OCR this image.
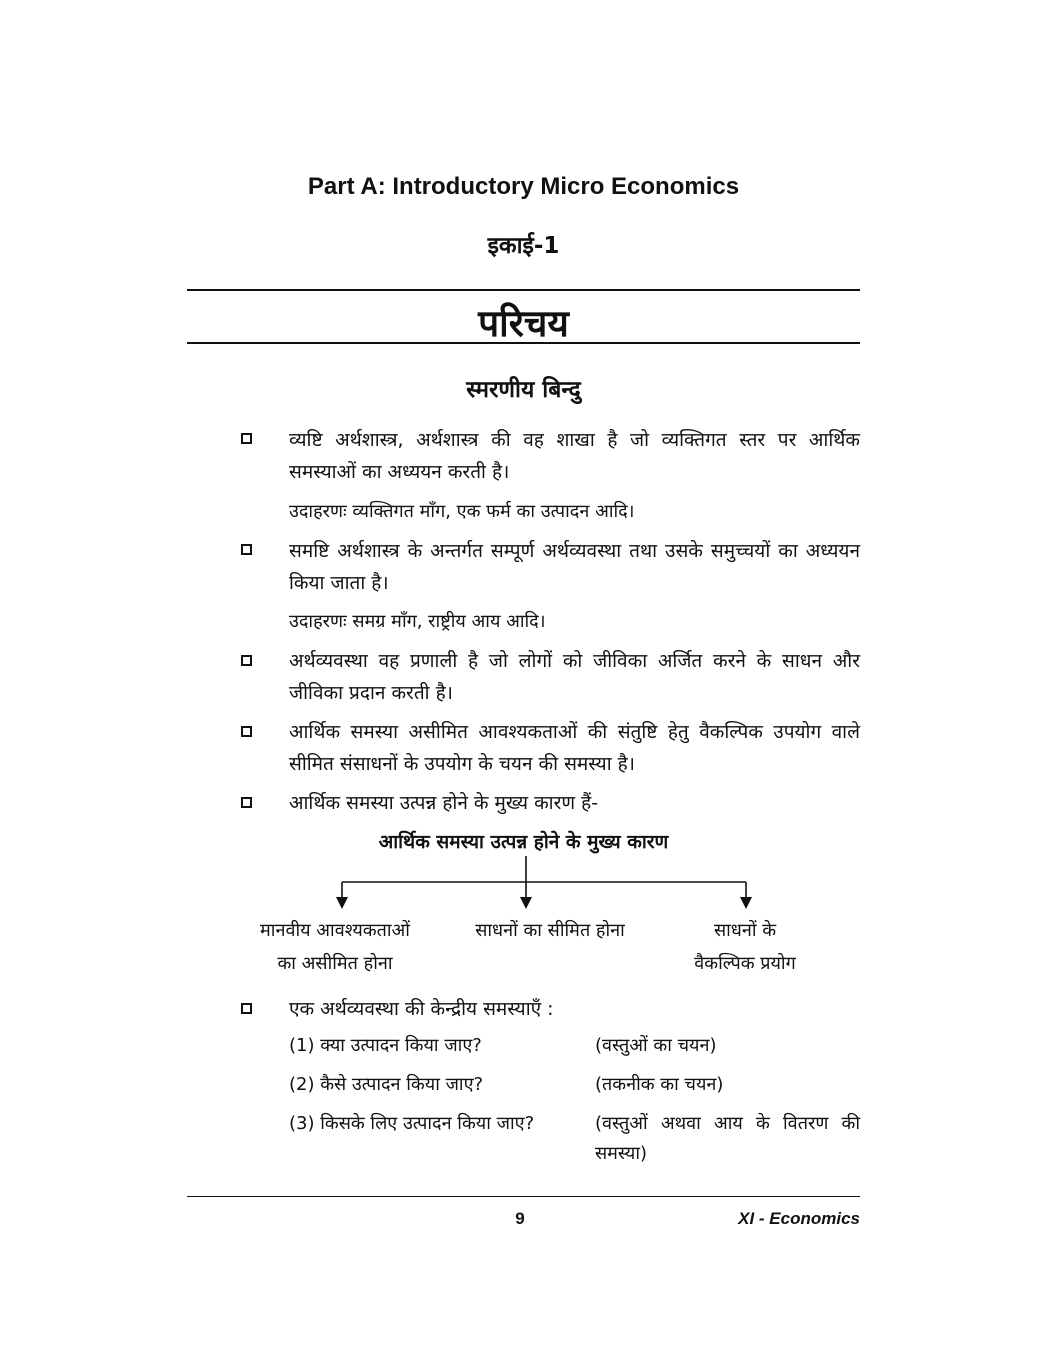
Part A: Introductory Micro Economics
इकाई-1
परिचय
स्मरणीय बिन्दु
व्यष्टि अर्थशास्त्र, अर्थशास्त्र की वह शाखा है जो व्यक्तिगत स्तर पर आर्थिक समस्याओं का अध्ययन करती है।
उदाहरणः व्यक्तिगत माँग, एक फर्म का उत्पादन आदि।
समष्टि अर्थशास्त्र के अन्तर्गत सम्पूर्ण अर्थव्यवस्था तथा उसके समुच्चयों का अध्ययन किया जाता है।
उदाहरणः समग्र माँग, राष्ट्रीय आय आदि।
अर्थव्यवस्था वह प्रणाली है जो लोगों को जीविका अर्जित करने के साधन और जीविका प्रदान करती है।
आर्थिक समस्या असीमित आवश्यकताओं की संतुष्टि हेतु वैकल्पिक उपयोग वाले सीमित संसाधनों के उपयोग के चयन की समस्या है।
आर्थिक समस्या उत्पन्न होने के मुख्य कारण हैं-
आर्थिक समस्या उत्पन्न होने के मुख्य कारण
मानवीय आवश्यकताओं
का असीमित होना
साधनों का सीमित होना	साधनों के
वैकल्पिक प्रयोग
एक अर्थव्यवस्था की केन्द्रीय समस्याएँ :
(1) क्या उत्पादन किया जाए?	(वस्तुओं का चयन)
(2) कैसे उत्पादन किया जाए?	(तकनीक का चयन)
(3) किसके लिए उत्पादन किया जाए?	(वस्तुओं अथवा आय के वितरण की समस्या)
9	XI - Economics
